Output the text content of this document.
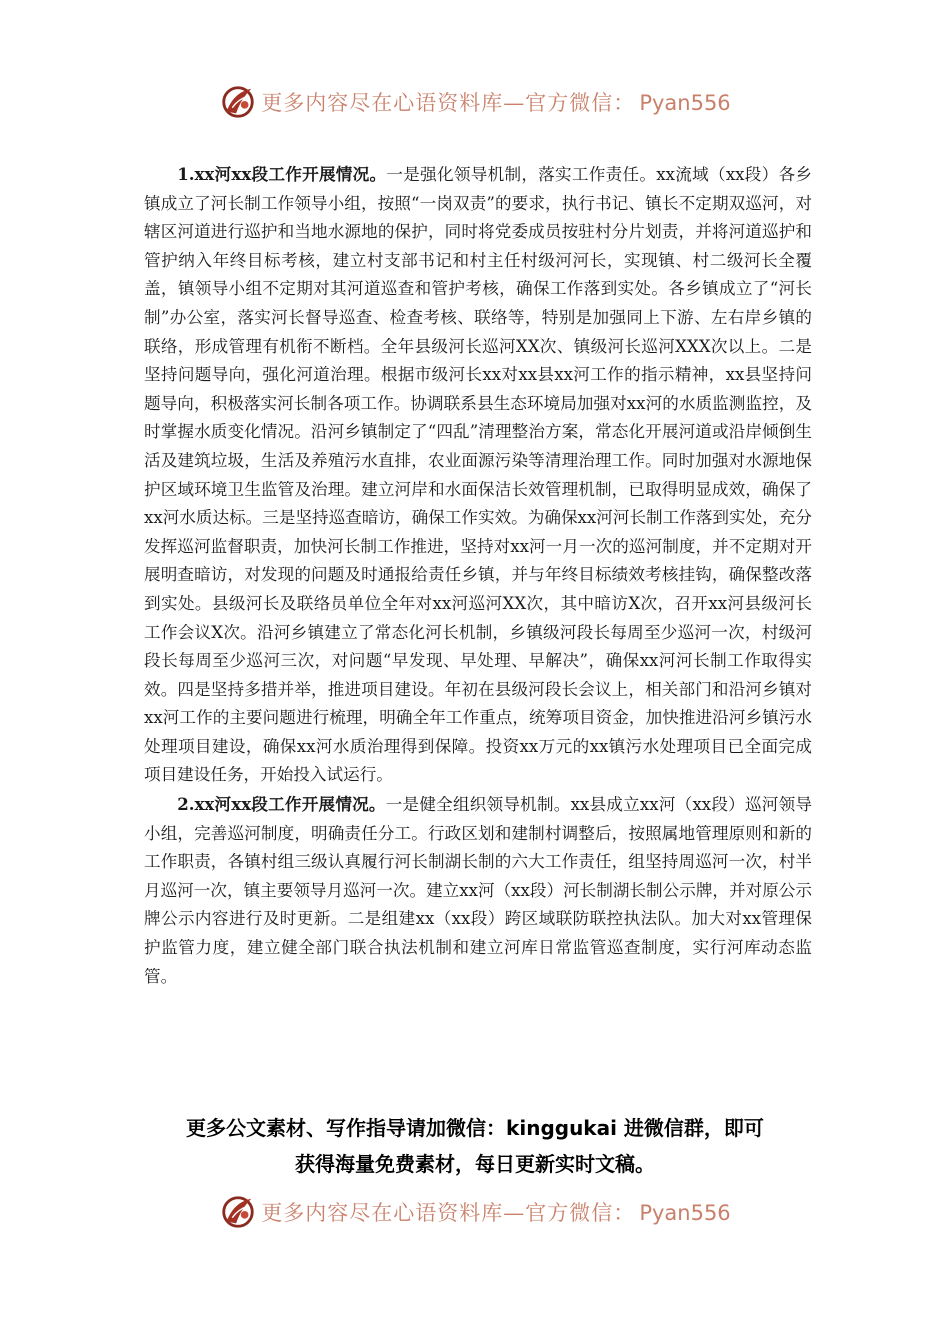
更多内容尽在心语资料库—官方微信： Pyan556

1.xx河xx段工作开展情况。一是强化领导机制，落实工作责任。xx流域（xx段）各乡镇成立了河长制工作领导小组，按照“一岗双责”的要求，执行书记、镇长不定期双巡河，对辖区河道进行巡护和当地水源地的保护，同时将党委成员按驻村分片划责，并将河道巡护和管护纳入年终目标考核，建立村支部书记和村主任村级河河长，实现镇、村二级河长全覆盖，镇领导小组不定期对其河道巡查和管护考核，确保工作落到实处。各乡镇成立了“河长制”办公室，落实河长督导巡查、检查考核、联络等，特别是加强同上下游、左右岸乡镇的联络，形成管理有机衔不断档。全年县级河长巡河XX次、镇级河长巡河XXX次以上。二是坚持问题导向，强化河道治理。根据市级河长xx对xx县xx河工作的指示精神，xx县坚持问题导向，积极落实河长制各项工作。协调联系县生态环境局加强对xx河的水质监测监控，及时掌握水质变化情况。沿河乡镇制定了“四乱”清理整治方案，常态化开展河道或沿岸倾倒生活及建筑垃圾，生活及养殖污水直排，农业面源污染等清理治理工作。同时加强对水源地保护区域环境卫生监管及治理。建立河岸和水面保洁长效管理机制，已取得明显成效，确保了xx河水质达标。三是坚持巡查暗访，确保工作实效。为确保xx河河长制工作落到实处，充分发挥巡河监督职责，加快河长制工作推进，坚持对xx河一月一次的巡河制度，并不定期对开展明查暗访，对发现的问题及时通报给责任乡镇，并与年终目标绩效考核挂钩，确保整改落到实处。县级河长及联络员单位全年对xx河巡河XX次，其中暗访X次，召开xx河县级河长工作会议X次。沿河乡镇建立了常态化河长机制，乡镇级河段长每周至少巡河一次，村级河段长每周至少巡河三次，对问题“早发现、早处理、早解决”，确保xx河河长制工作取得实效。四是坚持多措并举，推进项目建设。年初在县级河段长会议上，相关部门和沿河乡镇对xx河工作的主要问题进行梳理，明确全年工作重点，统筹项目资金，加快推进沿河乡镇污水处理项目建设，确保xx河水质治理得到保障。投资xx万元的xx镇污水处理项目已全面完成项目建设任务，开始投入试运行。

2.xx河xx段工作开展情况。一是健全组织领导机制。xx县成立xx河（xx段）巡河领导小组，完善巡河制度，明确责任分工。行政区划和建制村调整后，按照属地管理原则和新的工作职责，各镇村组三级认真履行河长制湖长制的六大工作责任，组坚持周巡河一次，村半月巡河一次，镇主要领导月巡河一次。建立xx河（xx段）河长制湖长制公示牌，并对原公示牌公示内容进行及时更新。二是组建xx（xx段）跨区域联防联控执法队。加大对xx管理保护监管力度，建立健全部门联合执法机制和建立河库日常监管巡查制度，实行河库动态监管。

更多公文素材、写作指导请加微信：kinggukai 进微信群，即可
获得海量免费素材，每日更新实时文稿。
更多内容尽在心语资料库—官方微信： Pyan556
